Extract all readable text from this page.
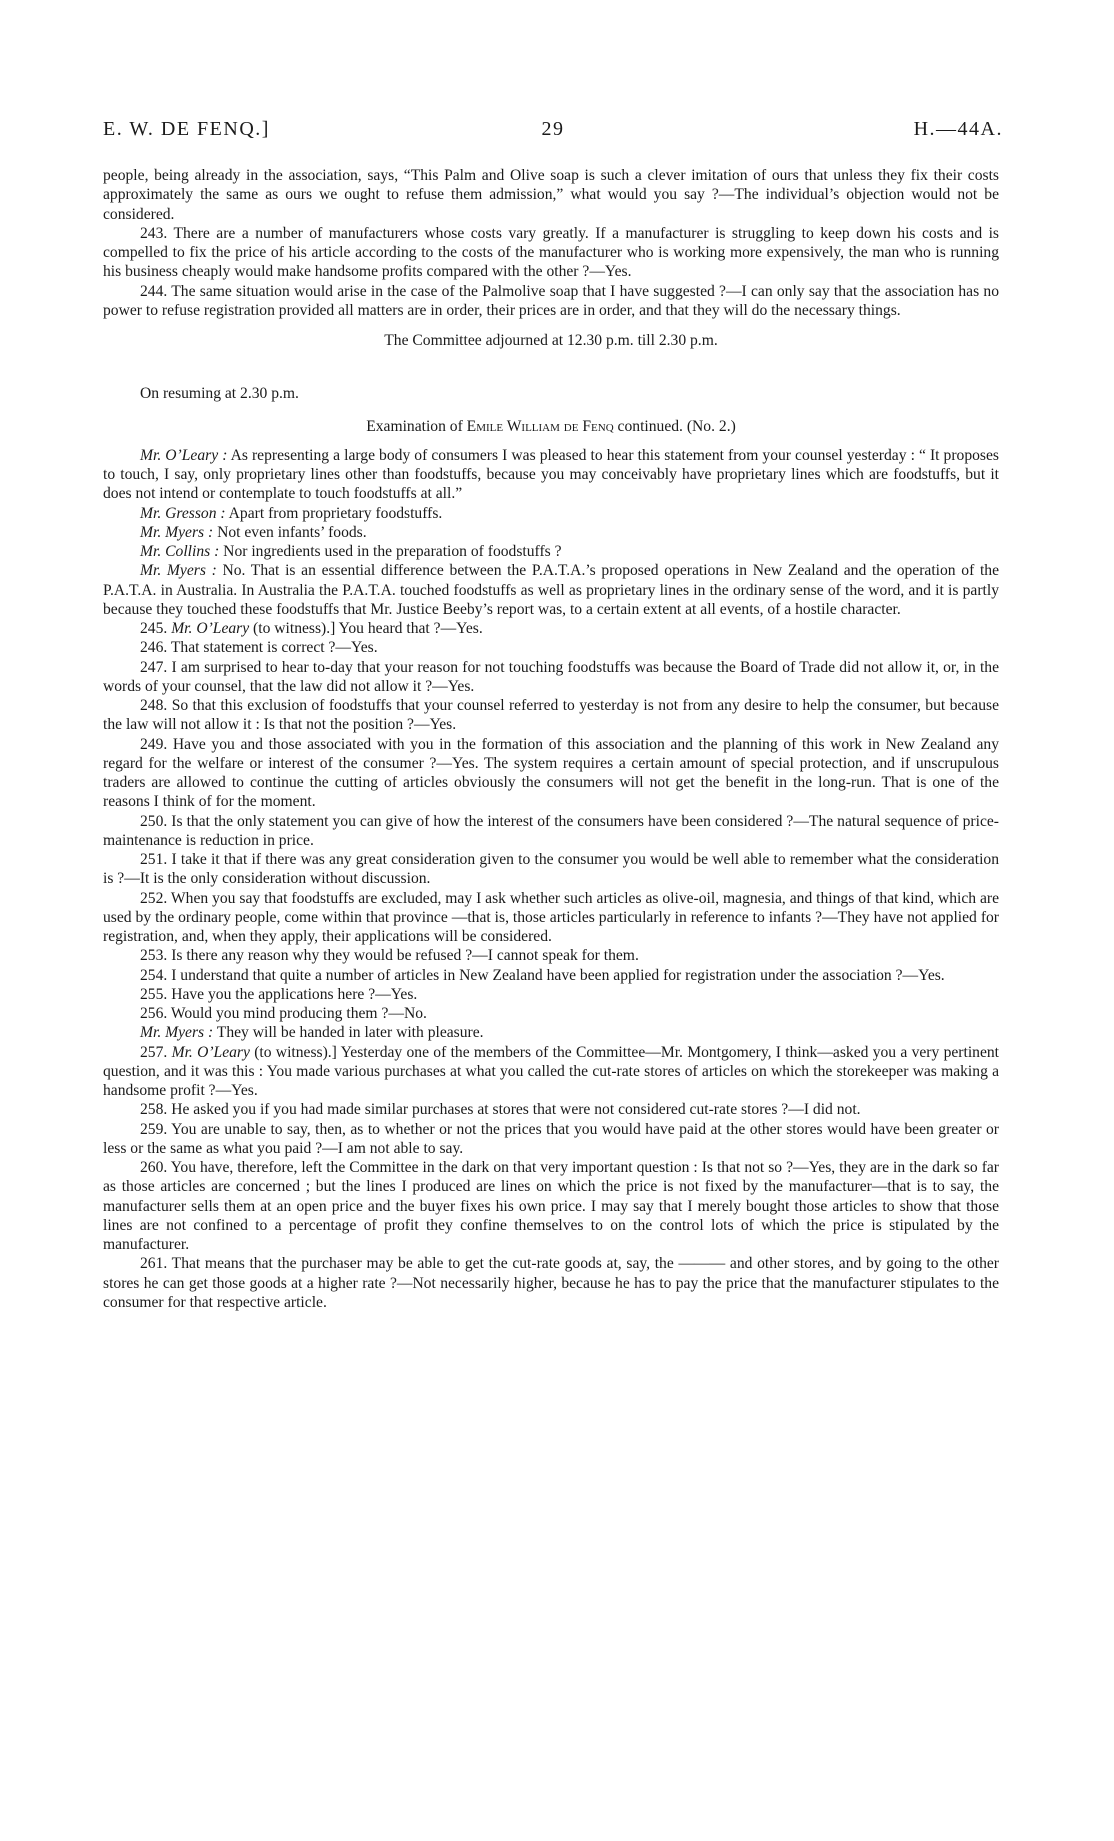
E. W. DE FENQ.]	29	H.—44A.

people, being already in the association, says, “This Palm and Olive soap is such a clever imitation of ours that unless they fix their costs approximately the same as ours we ought to refuse them admission,” what would you say ?—The individual’s objection would not be considered.

243. There are a number of manufacturers whose costs vary greatly. If a manufacturer is struggling to keep down his costs and is compelled to fix the price of his article according to the costs of the manufacturer who is working more expensively, the man who is running his business cheaply would make handsome profits compared with the other ?—Yes.

244. The same situation would arise in the case of the Palmolive soap that I have suggested ?—I can only say that the association has no power to refuse registration provided all matters are in order, their prices are in order, and that they will do the necessary things.

The Committee adjourned at 12.30 p.m. till 2.30 p.m.

On resuming at 2.30 p.m.

Examination of Emile William de Fenq continued. (No. 2.)

Mr. O’Leary : As representing a large body of consumers I was pleased to hear this statement from your counsel yesterday : “ It proposes to touch, I say, only proprietary lines other than foodstuffs, because you may conceivably have proprietary lines which are foodstuffs, but it does not intend or contemplate to touch foodstuffs at all.”

Mr. Gresson : Apart from proprietary foodstuffs.

Mr. Myers : Not even infants’ foods.

Mr. Collins : Nor ingredients used in the preparation of foodstuffs ?

Mr. Myers : No. That is an essential difference between the P.A.T.A.’s proposed operations in New Zealand and the operation of the P.A.T.A. in Australia. In Australia the P.A.T.A. touched foodstuffs as well as proprietary lines in the ordinary sense of the word, and it is partly because they touched these foodstuffs that Mr. Justice Beeby’s report was, to a certain extent at all events, of a hostile character.

245. Mr. O’Leary (to witness).] You heard that ?—Yes.

246. That statement is correct ?—Yes.

247. I am surprised to hear to-day that your reason for not touching foodstuffs was because the Board of Trade did not allow it, or, in the words of your counsel, that the law did not allow it ?—Yes.

248. So that this exclusion of foodstuffs that your counsel referred to yesterday is not from any desire to help the consumer, but because the law will not allow it : Is that not the position ?—Yes.

249. Have you and those associated with you in the formation of this association and the planning of this work in New Zealand any regard for the welfare or interest of the consumer ?—Yes. The system requires a certain amount of special protection, and if unscrupulous traders are allowed to continue the cutting of articles obviously the consumers will not get the benefit in the long-run. That is one of the reasons I think of for the moment.

250. Is that the only statement you can give of how the interest of the consumers have been considered ?—The natural sequence of price-maintenance is reduction in price.

251. I take it that if there was any great consideration given to the consumer you would be well able to remember what the consideration is ?—It is the only consideration without discussion.

252. When you say that foodstuffs are excluded, may I ask whether such articles as olive-oil, magnesia, and things of that kind, which are used by the ordinary people, come within that province —that is, those articles particularly in reference to infants ?—They have not applied for registration, and, when they apply, their applications will be considered.

253. Is there any reason why they would be refused ?—I cannot speak for them.

254. I understand that quite a number of articles in New Zealand have been applied for registration under the association ?—Yes.

255. Have you the applications here ?—Yes.

256. Would you mind producing them ?—No.

Mr. Myers : They will be handed in later with pleasure.

257. Mr. O’Leary (to witness).] Yesterday one of the members of the Committee—Mr. Montgomery, I think—asked you a very pertinent question, and it was this : You made various purchases at what you called the cut-rate stores of articles on which the storekeeper was making a handsome profit ?—Yes.

258. He asked you if you had made similar purchases at stores that were not considered cut-rate stores ?—I did not.

259. You are unable to say, then, as to whether or not the prices that you would have paid at the other stores would have been greater or less or the same as what you paid ?—I am not able to say.

260. You have, therefore, left the Committee in the dark on that very important question : Is that not so ?—Yes, they are in the dark so far as those articles are concerned ; but the lines I produced are lines on which the price is not fixed by the manufacturer—that is to say, the manufacturer sells them at an open price and the buyer fixes his own price. I may say that I merely bought those articles to show that those lines are not confined to a percentage of profit they confine themselves to on the control lots of which the price is stipulated by the manufacturer.

261. That means that the purchaser may be able to get the cut-rate goods at, say, the ——— and other stores, and by going to the other stores he can get those goods at a higher rate ?—Not necessarily higher, because he has to pay the price that the manufacturer stipulates to the consumer for that respective article.
